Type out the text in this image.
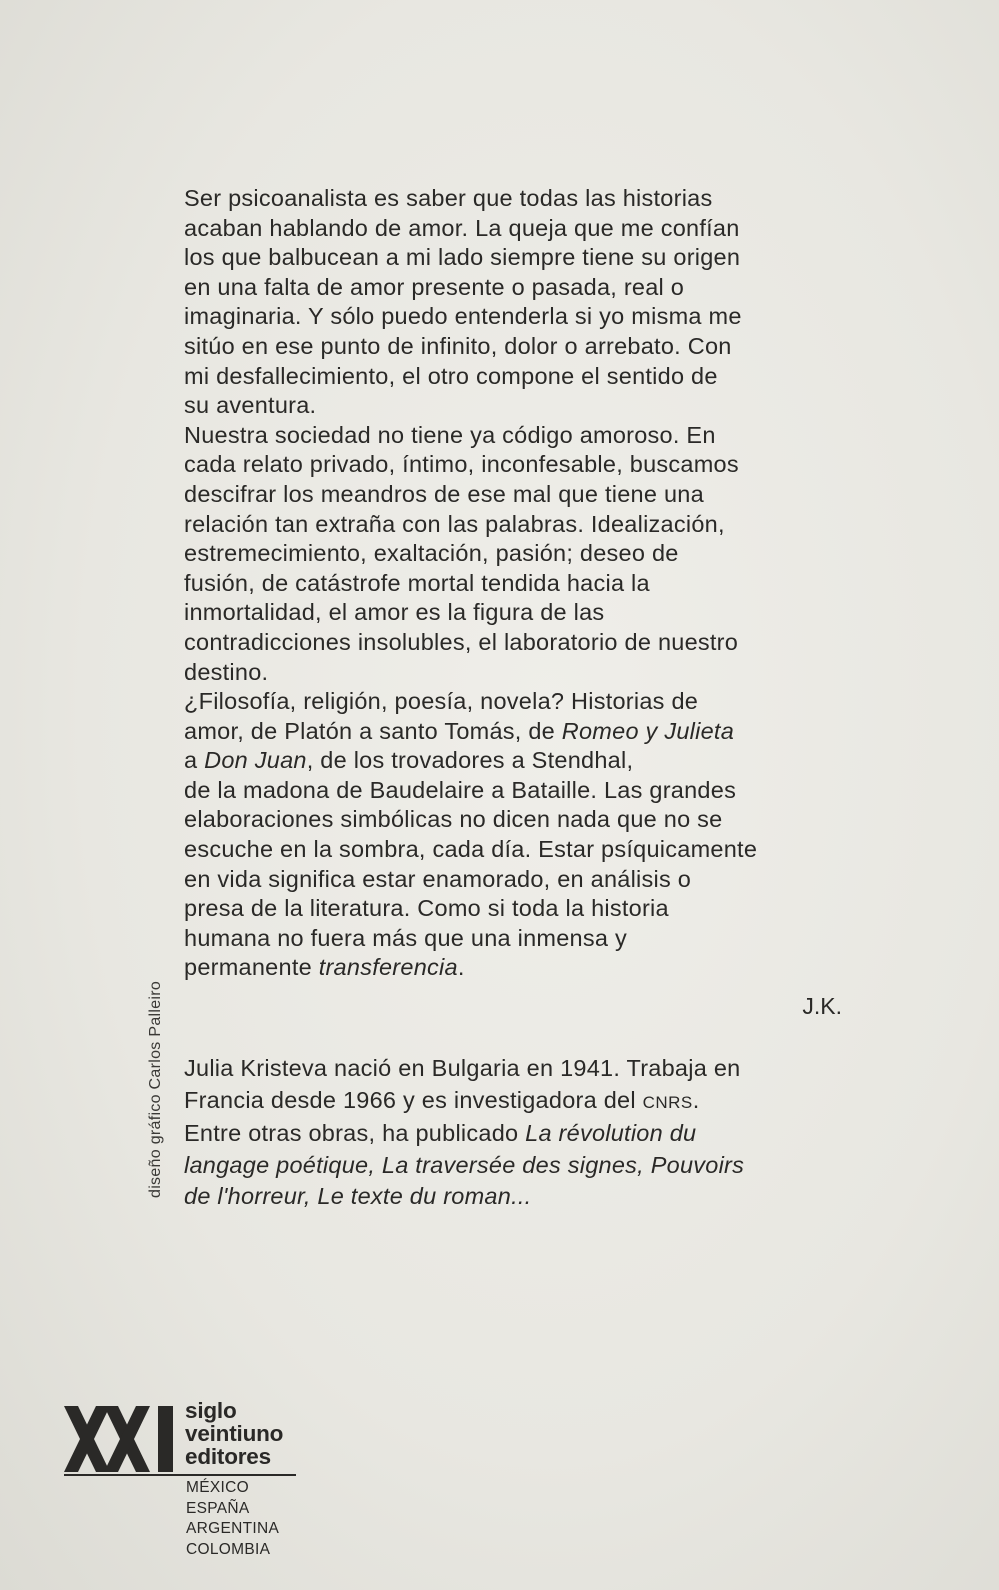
Ser psicoanalista es saber que todas las historias
acaban hablando de amor. La queja que me confían
los que balbucean a mi lado siempre tiene su origen
en una falta de amor presente o pasada, real o
imaginaria. Y sólo puedo entenderla si yo misma me
sitúo en ese punto de infinito, dolor o arrebato. Con
mi desfallecimiento, el otro compone el sentido de
su aventura.

Nuestra sociedad no tiene ya código amoroso. En
cada relato privado, íntimo, inconfesable, buscamos
descifrar los meandros de ese mal que tiene una
relación tan extraña con las palabras. Idealización,
estremecimiento, exaltación, pasión; deseo de
fusión, de catástrofe mortal tendida hacia la
inmortalidad, el amor es la figura de las
contradicciones insolubles, el laboratorio de nuestro
destino.

¿Filosofía, religión, poesía, novela? Historias de
amor, de Platón a santo Tomás, de Romeo y Julieta
a Don Juan, de los trovadores a Stendhal,
de la madona de Baudelaire a Bataille. Las grandes
elaboraciones simbólicas no dicen nada que no se
escuche en la sombra, cada día. Estar psíquicamente
en vida significa estar enamorado, en análisis o
presa de la literatura. Como si toda la historia
humana no fuera más que una inmensa y
permanente transferencia.

J.K.
Julia Kristeva nació en Bulgaria en 1941. Trabaja en
Francia desde 1966 y es investigadora del CNRS.
Entre otras obras, ha publicado La révolution du
langage poétique, La traversée des signes, Pouvoirs
de l'horreur, Le texte du roman...
diseño gráfico Carlos Palleiro
siglo
veintiuno
editores
MÉXICO
ESPAÑA
ARGENTINA
COLOMBIA
